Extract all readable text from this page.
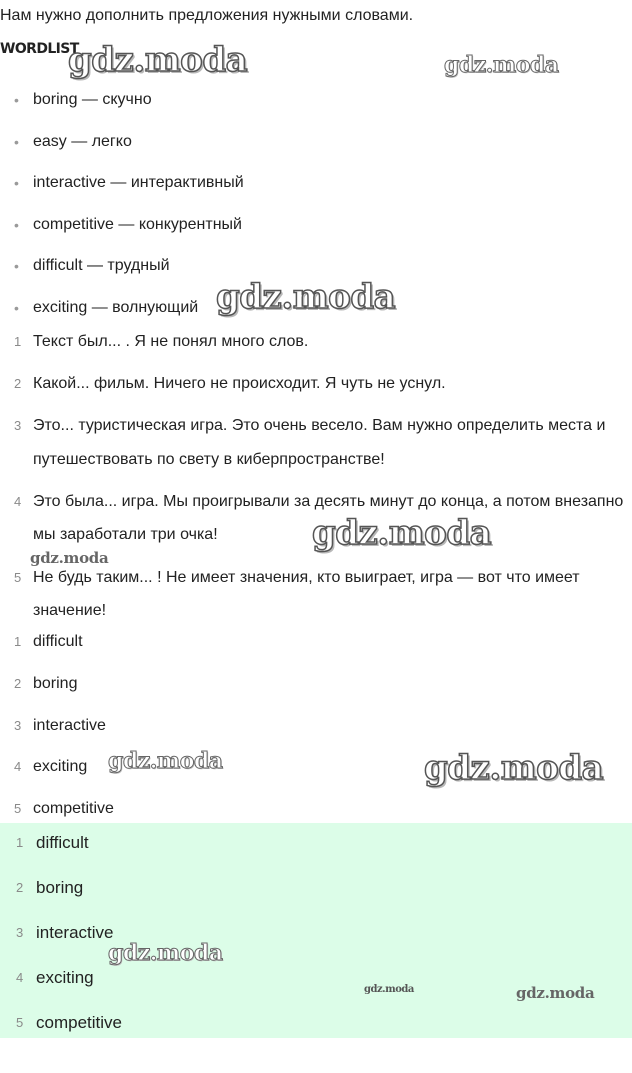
Нам нужно дополнить предложения нужными словами.
WORDLIST
• boring — скучно
• easy — легко
• interactive — интерактивный
• competitive — конкурентный
• difficult — трудный
• exciting — волнующий
1 Текст был... . Я не понял много слов.
2 Какой... фильм. Ничего не происходит. Я чуть не уснул.
3 Это... туристическая игра. Это очень весело. Вам нужно определить места и путешествовать по свету в киберпространстве!
4 Это была... игра. Мы проигрывали за десять минут до конца, а потом внезапно мы заработали три очка!
5 Не будь таким... ! Не имеет значения, кто выиграет, игра — вот что имеет значение!
1 difficult
2 boring
3 interactive
4 exciting
5 competitive
1 difficult
2 boring
3 interactive
4 exciting
5 competitive
gdz.moda	gdz.moda
gdz.moda
gdz.moda
gdz.moda
gdz.moda	gdz.moda
gdz.moda
gdz.moda	gdz.moda
